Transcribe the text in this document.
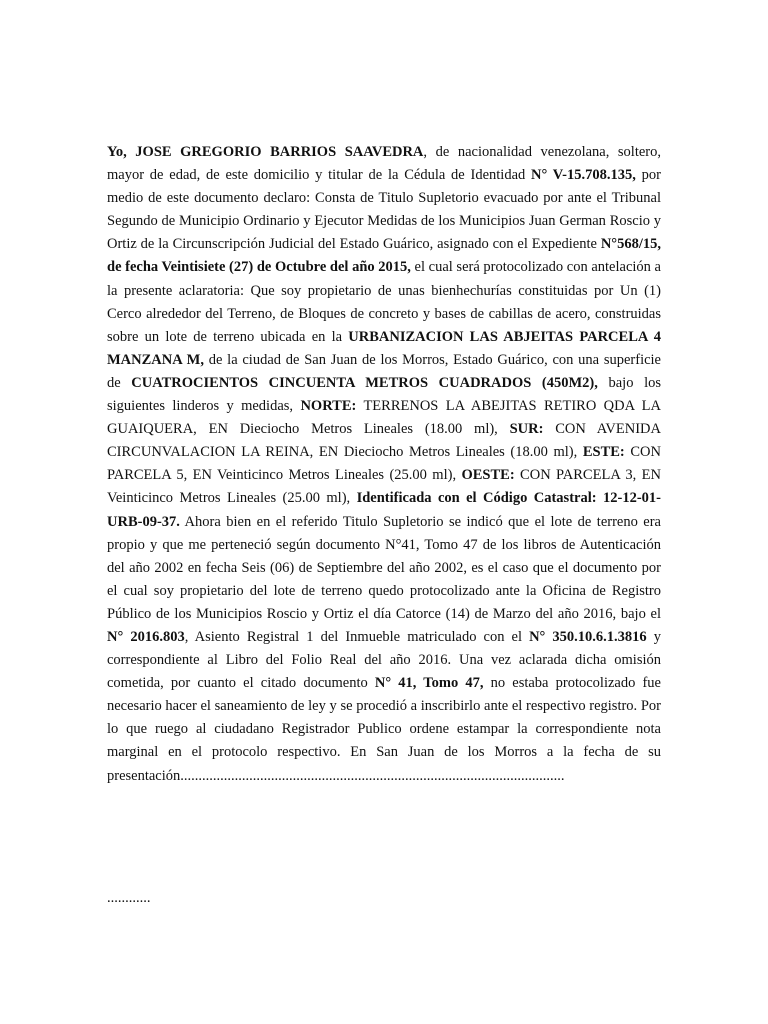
Yo, JOSE GREGORIO BARRIOS SAAVEDRA, de nacionalidad venezolana, soltero, mayor de edad, de este domicilio y titular de la Cédula de Identidad N° V-15.708.135, por medio de este documento declaro: Consta de Titulo Supletorio evacuado por ante el Tribunal Segundo de Municipio Ordinario y Ejecutor Medidas de los Municipios Juan German Roscio y Ortiz de la Circunscripción Judicial del Estado Guárico, asignado con el Expediente N°568/15, de fecha Veintisiete (27) de Octubre del año 2015, el cual será protocolizado con antelación a la presente aclaratoria: Que soy propietario de unas bienhechurías constituidas por Un (1) Cerco alrededor del Terreno, de Bloques de concreto y bases de cabillas de acero, construidas sobre un lote de terreno ubicada en la URBANIZACION LAS ABJEITAS PARCELA 4 MANZANA M, de la ciudad de San Juan de los Morros, Estado Guárico, con una superficie de CUATROCIENTOS CINCUENTA METROS CUADRADOS (450M2), bajo los siguientes linderos y medidas, NORTE: TERRENOS LA ABEJITAS RETIRO QDA LA GUAIQUERA, EN Dieciocho Metros Lineales (18.00 ml), SUR: CON AVENIDA CIRCUNVALACION LA REINA, EN Dieciocho Metros Lineales (18.00 ml), ESTE: CON PARCELA 5, EN Veinticinco Metros Lineales (25.00 ml), OESTE: CON PARCELA 3, EN Veinticinco Metros Lineales (25.00 ml), Identificada con el Código Catastral: 12-12-01-URB-09-37. Ahora bien en el referido Titulo Supletorio se indicó que el lote de terreno era propio y que me perteneció según documento N°41, Tomo 47 de los libros de Autenticación del año 2002 en fecha Seis (06) de Septiembre del año 2002, es el caso que el documento por el cual soy propietario del lote de terreno quedo protocolizado ante la Oficina de Registro Público de los Municipios Roscio y Ortiz el día Catorce (14) de Marzo del año 2016, bajo el N° 2016.803, Asiento Registral 1 del Inmueble matriculado con el N° 350.10.6.1.3816 y correspondiente al Libro del Folio Real del año 2016. Una vez aclarada dicha omisión cometida, por cuanto el citado documento N° 41, Tomo 47, no estaba protocolizado fue necesario hacer el saneamiento de ley y se procedió a inscribirlo ante el respectivo registro. Por lo que ruego al ciudadano Registrador Publico ordene estampar la correspondiente nota marginal en el protocolo respectivo. En San Juan de los Morros a la fecha de su presentación..........................................................................................................

............
